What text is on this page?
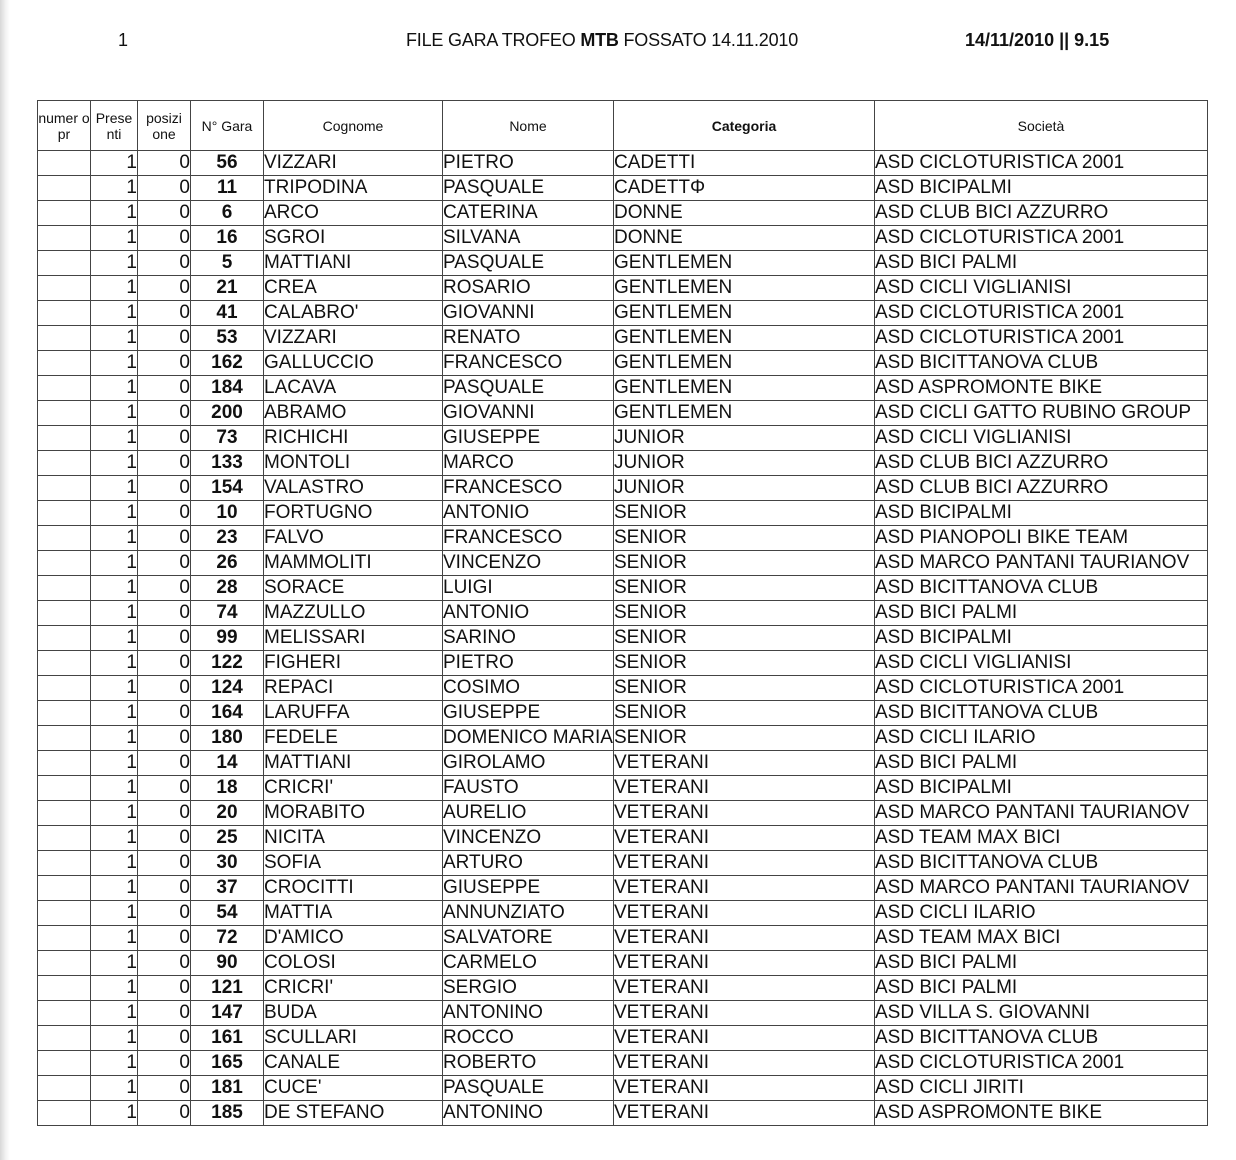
1	FILE GARA TROFEO MTB FOSSATO 14.11.2010	14/11/2010 || 9.15
numer o pr	Prese nti	posizi one	N° Gara	Cognome	Nome	Categoria	Società
	1	0	56	VIZZARI	PIETRO	CADETTI	ASD CICLOTURISTICA 2001
	1	0	11	TRIPODINA	PASQUALE	CADETTΦ	ASD BICIPALMI
	1	0	6	ARCO	CATERINA	DONNE	ASD CLUB BICI AZZURRO
	1	0	16	SGROI	SILVANA	DONNE	ASD CICLOTURISTICA 2001
	1	0	5	MATTIANI	PASQUALE	GENTLEMEN	ASD BICI PALMI
	1	0	21	CREA	ROSARIO	GENTLEMEN	ASD CICLI VIGLIANISI
	1	0	41	CALABRO'	GIOVANNI	GENTLEMEN	ASD CICLOTURISTICA 2001
	1	0	53	VIZZARI	RENATO	GENTLEMEN	ASD CICLOTURISTICA 2001
	1	0	162	GALLUCCIO	FRANCESCO	GENTLEMEN	ASD BICITTANOVA CLUB
	1	0	184	LACAVA	PASQUALE	GENTLEMEN	ASD ASPROMONTE BIKE
	1	0	200	ABRAMO	GIOVANNI	GENTLEMEN	ASD CICLI GATTO RUBINO GROUP
	1	0	73	RICHICHI	GIUSEPPE	JUNIOR	ASD CICLI VIGLIANISI
	1	0	133	MONTOLI	MARCO	JUNIOR	ASD CLUB BICI AZZURRO
	1	0	154	VALASTRO	FRANCESCO	JUNIOR	ASD CLUB BICI AZZURRO
	1	0	10	FORTUGNO	ANTONIO	SENIOR	ASD BICIPALMI
	1	0	23	FALVO	FRANCESCO	SENIOR	ASD PIANOPOLI BIKE TEAM
	1	0	26	MAMMOLITI	VINCENZO	SENIOR	ASD MARCO PANTANI TAURIANOV
	1	0	28	SORACE	LUIGI	SENIOR	ASD BICITTANOVA CLUB
	1	0	74	MAZZULLO	ANTONIO	SENIOR	ASD BICI PALMI
	1	0	99	MELISSARI	SARINO	SENIOR	ASD BICIPALMI
	1	0	122	FIGHERI	PIETRO	SENIOR	ASD CICLI VIGLIANISI
	1	0	124	REPACI	COSIMO	SENIOR	ASD CICLOTURISTICA 2001
	1	0	164	LARUFFA	GIUSEPPE	SENIOR	ASD BICITTANOVA CLUB
	1	0	180	FEDELE	DOMENICO MARIA	SENIOR	ASD CICLI ILARIO
	1	0	14	MATTIANI	GIROLAMO	VETERANI	ASD BICI PALMI
	1	0	18	CRICRI'	FAUSTO	VETERANI	ASD BICIPALMI
	1	0	20	MORABITO	AURELIO	VETERANI	ASD MARCO PANTANI TAURIANOV
	1	0	25	NICITA	VINCENZO	VETERANI	ASD TEAM MAX BICI
	1	0	30	SOFIA	ARTURO	VETERANI	ASD BICITTANOVA CLUB
	1	0	37	CROCITTI	GIUSEPPE	VETERANI	ASD MARCO PANTANI TAURIANOV
	1	0	54	MATTIA	ANNUNZIATO	VETERANI	ASD CICLI ILARIO
	1	0	72	D'AMICO	SALVATORE	VETERANI	ASD TEAM MAX BICI
	1	0	90	COLOSI	CARMELO	VETERANI	ASD BICI PALMI
	1	0	121	CRICRI'	SERGIO	VETERANI	ASD BICI PALMI
	1	0	147	BUDA	ANTONINO	VETERANI	ASD VILLA S. GIOVANNI
	1	0	161	SCULLARI	ROCCO	VETERANI	ASD BICITTANOVA CLUB
	1	0	165	CANALE	ROBERTO	VETERANI	ASD CICLOTURISTICA 2001
	1	0	181	CUCE'	PASQUALE	VETERANI	ASD CICLI JIRITI
	1	0	185	DE STEFANO	ANTONINO	VETERANI	ASD ASPROMONTE BIKE
